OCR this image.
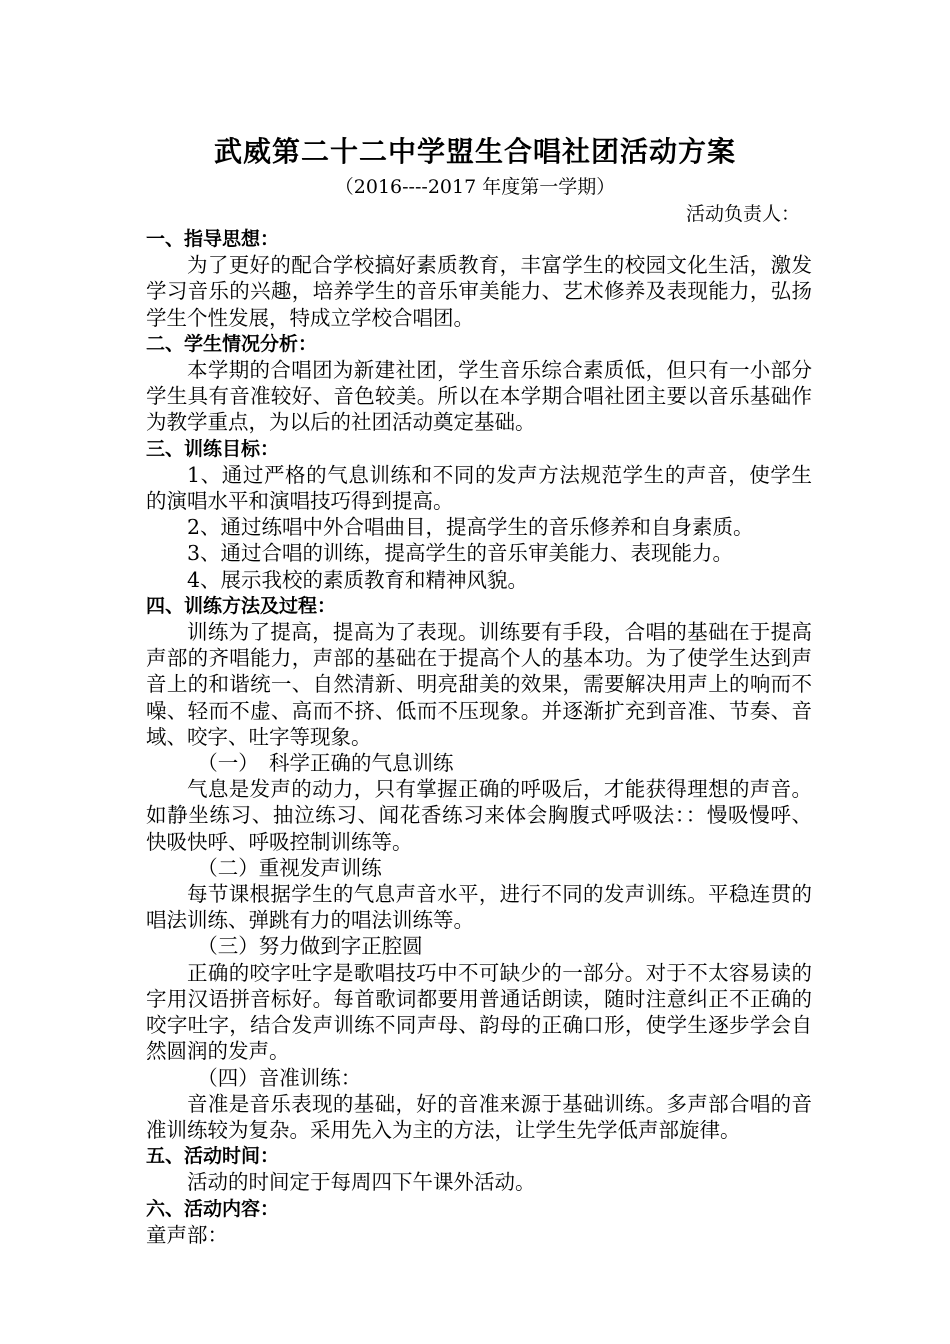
武威第二十二中学盟生合唱社团活动方案
（2016----2017 年度第一学期）
活动负责人：

一、指导思想：

为了更好的配合学校搞好素质教育，丰富学生的校园文化生活，激发学习音乐的兴趣，培养学生的音乐审美能力、艺术修养及表现能力，弘扬学生个性发展，特成立学校合唱团。

二、学生情况分析：

本学期的合唱团为新建社团，学生音乐综合素质低，但只有一小部分学生具有音准较好、音色较美。所以在本学期合唱社团主要以音乐基础作为教学重点，为以后的社团活动奠定基础。

三、训练目标：

1、通过严格的气息训练和不同的发声方法规范学生的声音，使学生的演唱水平和演唱技巧得到提高。

2、通过练唱中外合唱曲目，提高学生的音乐修养和自身素质。

3、通过合唱的训练，提高学生的音乐审美能力、表现能力。

4、展示我校的素质教育和精神风貌。

四、训练方法及过程：

训练为了提高，提高为了表现。训练要有手段，合唱的基础在于提高声部的齐唱能力，声部的基础在于提高个人的基本功。为了使学生达到声音上的和谐统一、自然清新、明亮甜美的效果，需要解决用声上的响而不噪、轻而不虚、高而不挤、低而不压现象。并逐渐扩充到音准、节奏、音域、咬字、吐字等现象。

（一）　科学正确的气息训练

气息是发声的动力，只有掌握正确的呼吸后，才能获得理想的声音。如静坐练习、抽泣练习、闻花香练习来体会胸腹式呼吸法：：慢吸慢呼、快吸快呼、呼吸控制训练等。

（二）重视发声训练

每节课根据学生的气息声音水平，进行不同的发声训练。平稳连贯的唱法训练、弹跳有力的唱法训练等。

（三）努力做到字正腔圆

正确的咬字吐字是歌唱技巧中不可缺少的一部分。对于不太容易读的字用汉语拼音标好。每首歌词都要用普通话朗读，随时注意纠正不正确的咬字吐字，结合发声训练不同声母、韵母的正确口形，使学生逐步学会自然圆润的发声。

（四）音准训练：

音准是音乐表现的基础，好的音准来源于基础训练。多声部合唱的音准训练较为复杂。采用先入为主的方法，让学生先学低声部旋律。

五、活动时间：

活动的时间定于每周四下午课外活动。

六、活动内容：

童声部：
